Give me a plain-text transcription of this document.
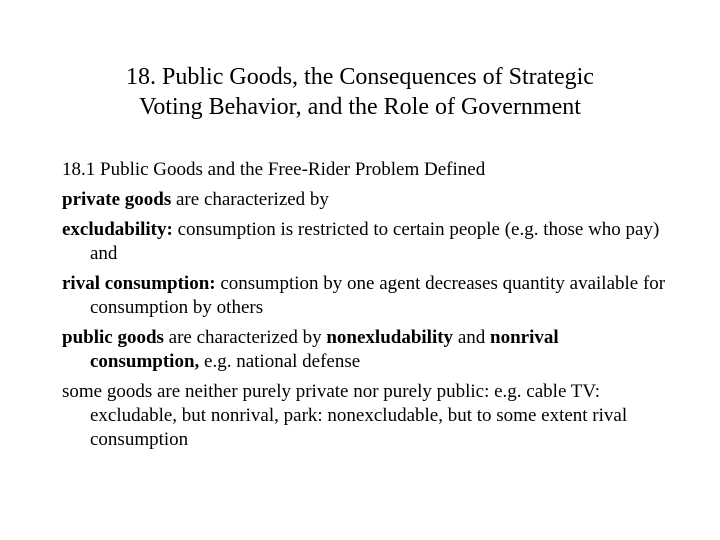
18. Public Goods, the Consequences of Strategic
Voting Behavior, and the Role of Government
18.1 Public Goods and the Free-Rider Problem Defined
private goods are characterized by
excludability: consumption is restricted to certain people (e.g. those who pay) and
rival consumption: consumption by one agent decreases quantity available for consumption by others
public goods are characterized by nonexludability and nonrival consumption, e.g. national defense
some goods are neither purely private nor purely public: e.g. cable TV: excludable, but nonrival, park: nonexcludable, but to some extent rival consumption
